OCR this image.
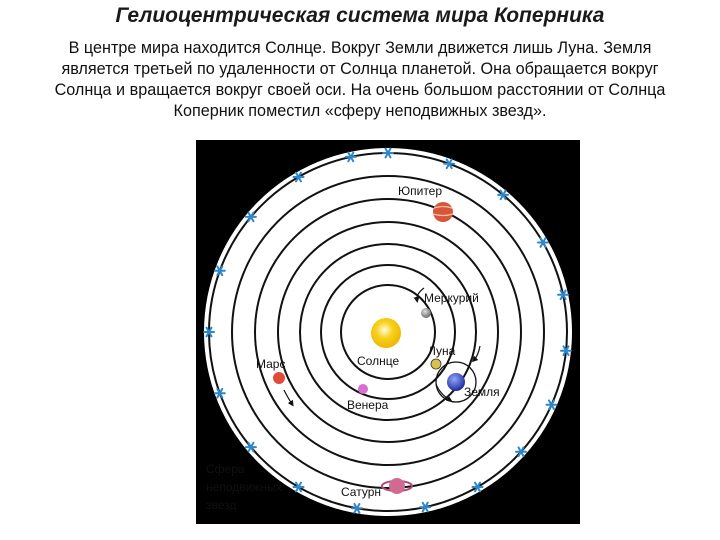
Гелиоцентрическая система мира Коперника
В центре мира находится Солнце. Вокруг Земли движется лишь Луна. Земля
является третьей по удаленности от Солнца планетой. Она обращается вокруг
Солнца и вращается вокруг своей оси. На очень большом расстоянии от Солнца
Коперник поместил «сферу неподвижных звезд».
Солнце
Меркурий
Венера
Луна
Земля
Марс
Юпитер
Сатурн
Сфера
неподвижных
звезд
